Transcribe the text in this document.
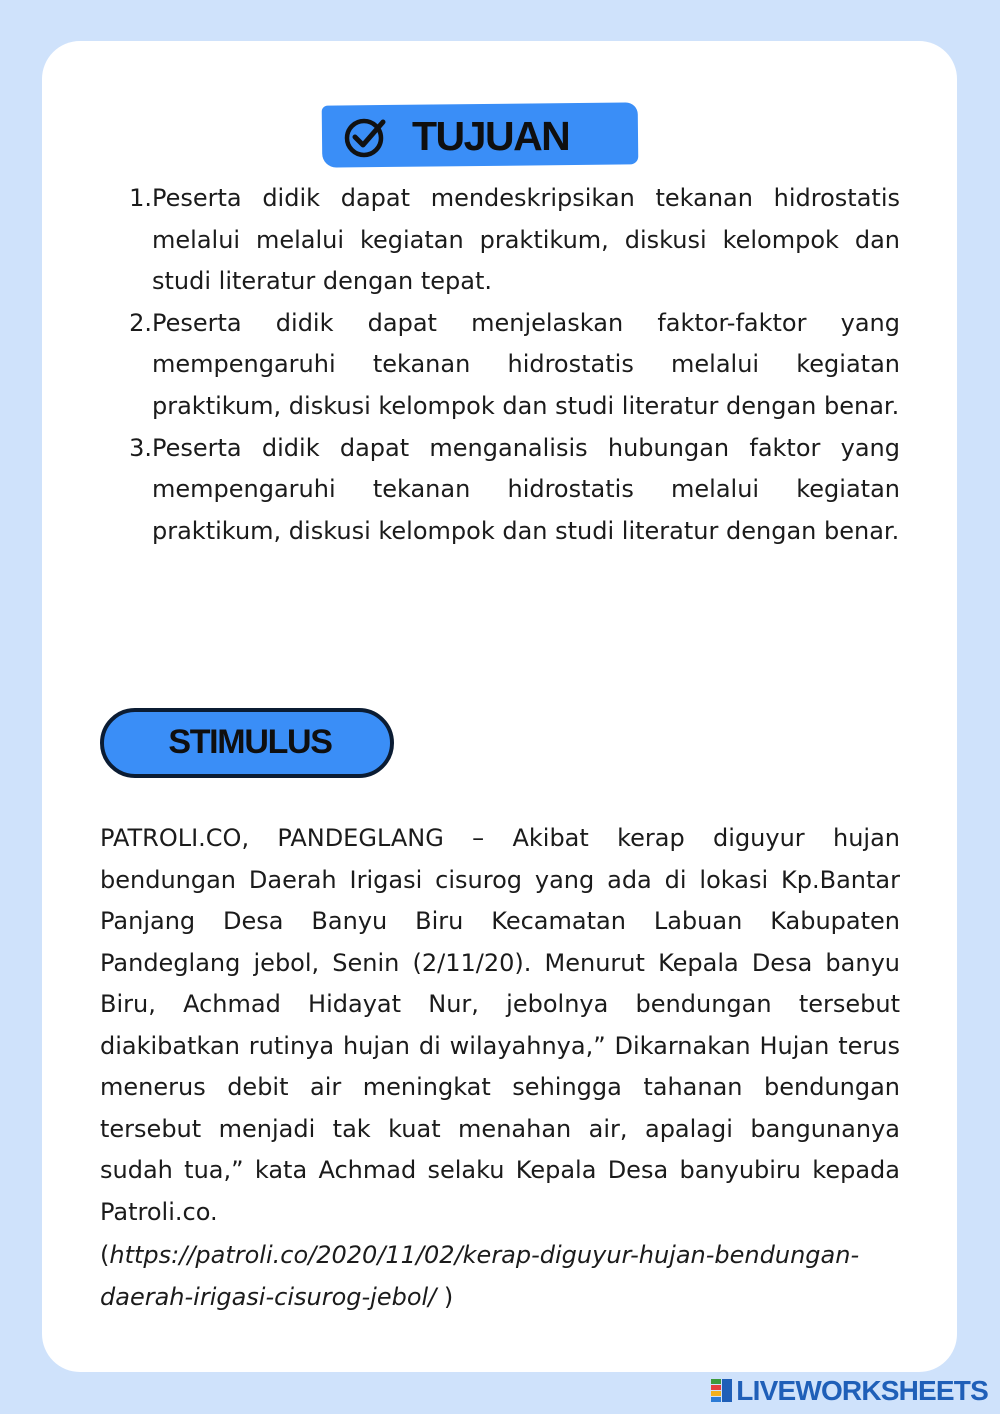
TUJUAN
1. Peserta didik dapat mendeskripsikan tekanan hidrostatis melalui melalui kegiatan praktikum, diskusi kelompok dan studi literatur dengan tepat.
2. Peserta didik dapat menjelaskan faktor-faktor yang mempengaruhi tekanan hidrostatis melalui kegiatan praktikum, diskusi kelompok dan studi literatur dengan benar.
3. Peserta didik dapat menganalisis hubungan faktor yang mempengaruhi tekanan hidrostatis melalui kegiatan praktikum, diskusi kelompok dan studi literatur dengan benar.
STIMULUS

PATROLI.CO, PANDEGLANG – Akibat kerap diguyur hujan bendungan Daerah Irigasi cisurog yang ada di lokasi Kp.Bantar Panjang Desa Banyu Biru Kecamatan Labuan Kabupaten Pandeglang jebol, Senin (2/11/20). Menurut Kepala Desa banyu Biru, Achmad Hidayat Nur, jebolnya bendungan tersebut diakibatkan rutinya hujan di wilayahnya,” Dikarnakan Hujan terus menerus debit air meningkat sehingga tahanan bendungan tersebut menjadi tak kuat menahan air, apalagi bangunanya sudah tua,” kata Achmad selaku Kepala Desa banyubiru kepada Patroli.co.

(https://patroli.co/2020/11/02/kerap-diguyur-hujan-bendungan-daerah-irigasi-cisurog-jebol/ )

LIVEWORKSHEETS
